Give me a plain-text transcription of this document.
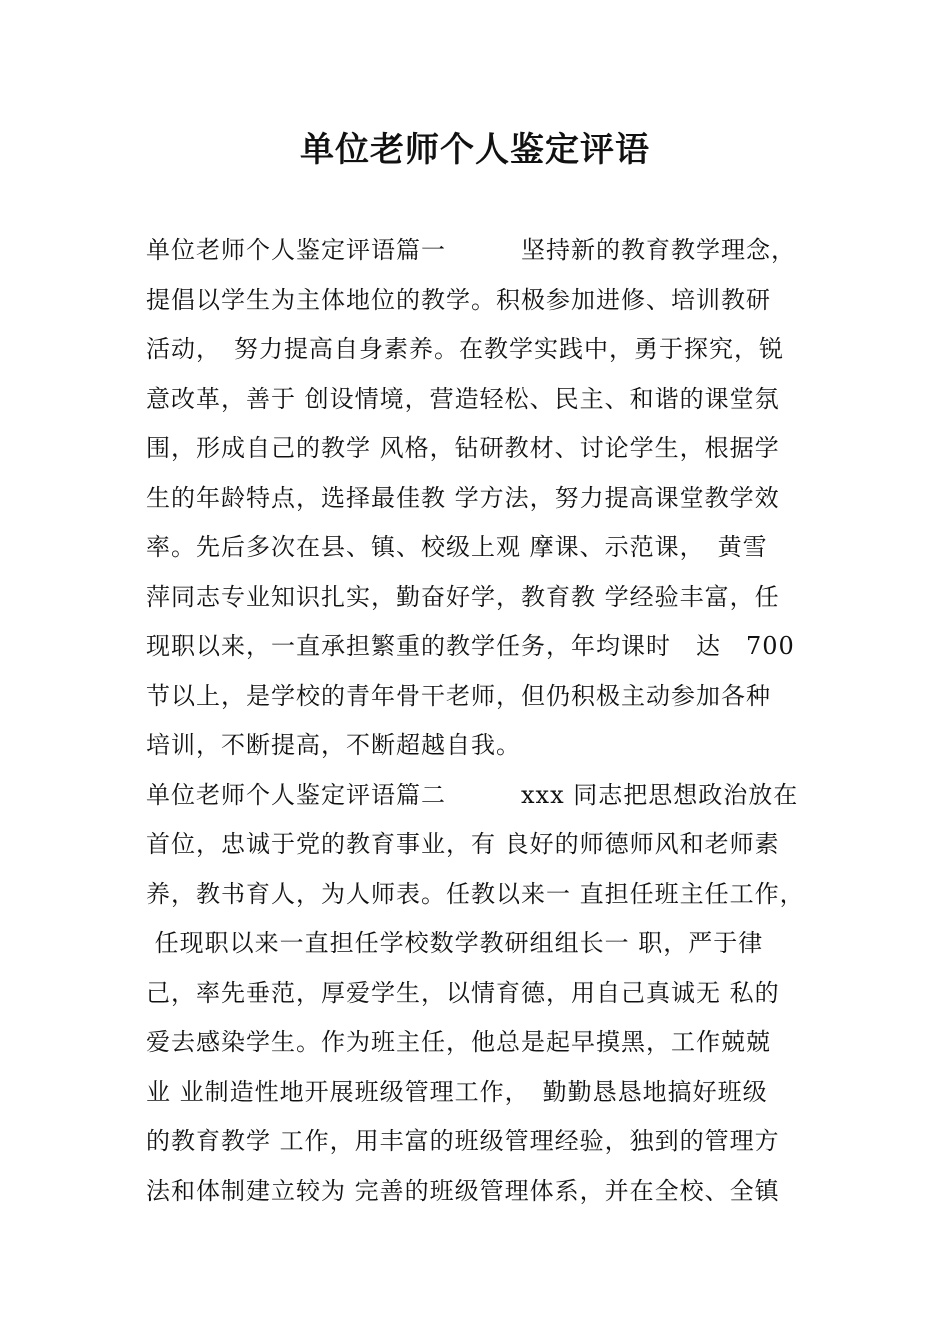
单位老师个人鉴定评语
单位老师个人鉴定评语篇一　　　坚持新的教育教学理念，
提倡以学生为主体地位的教学。积极参加进修、培训教研
活动，　努力提高自身素养。在教学实践中，勇于探究，锐
意改革，善于 创设情境，营造轻松、民主、和谐的课堂氛
围，形成自己的教学 风格，钻研教材、讨论学生，根据学
生的年龄特点，选择最佳教 学方法，努力提高课堂教学效
率。先后多次在县、镇、校级上观 摩课、示范课，　黄雪
萍同志专业知识扎实，勤奋好学，教育教 学经验丰富，任
现职以来，一直承担繁重的教学任务，年均课时　达　700
节以上，是学校的青年骨干老师，但仍积极主动参加各种
培训，不断提高，不断超越自我。
单位老师个人鉴定评语篇二　　　xxx 同志把思想政治放在
首位，忠诚于党的教育事业，有 良好的师德师风和老师素
养，教书育人，为人师表。任教以来一 直担任班主任工作，
任现职以来一直担任学校数学教研组组长一 职，严于律
己，率先垂范，厚爱学生，以情育德，用自己真诚无 私的
爱去感染学生。作为班主任，他总是起早摸黑，工作兢兢
业 业制造性地开展班级管理工作，　勤勤恳恳地搞好班级
的教育教学 工作，用丰富的班级管理经验，独到的管理方
法和体制建立较为 完善的班级管理体系，并在全校、全镇
